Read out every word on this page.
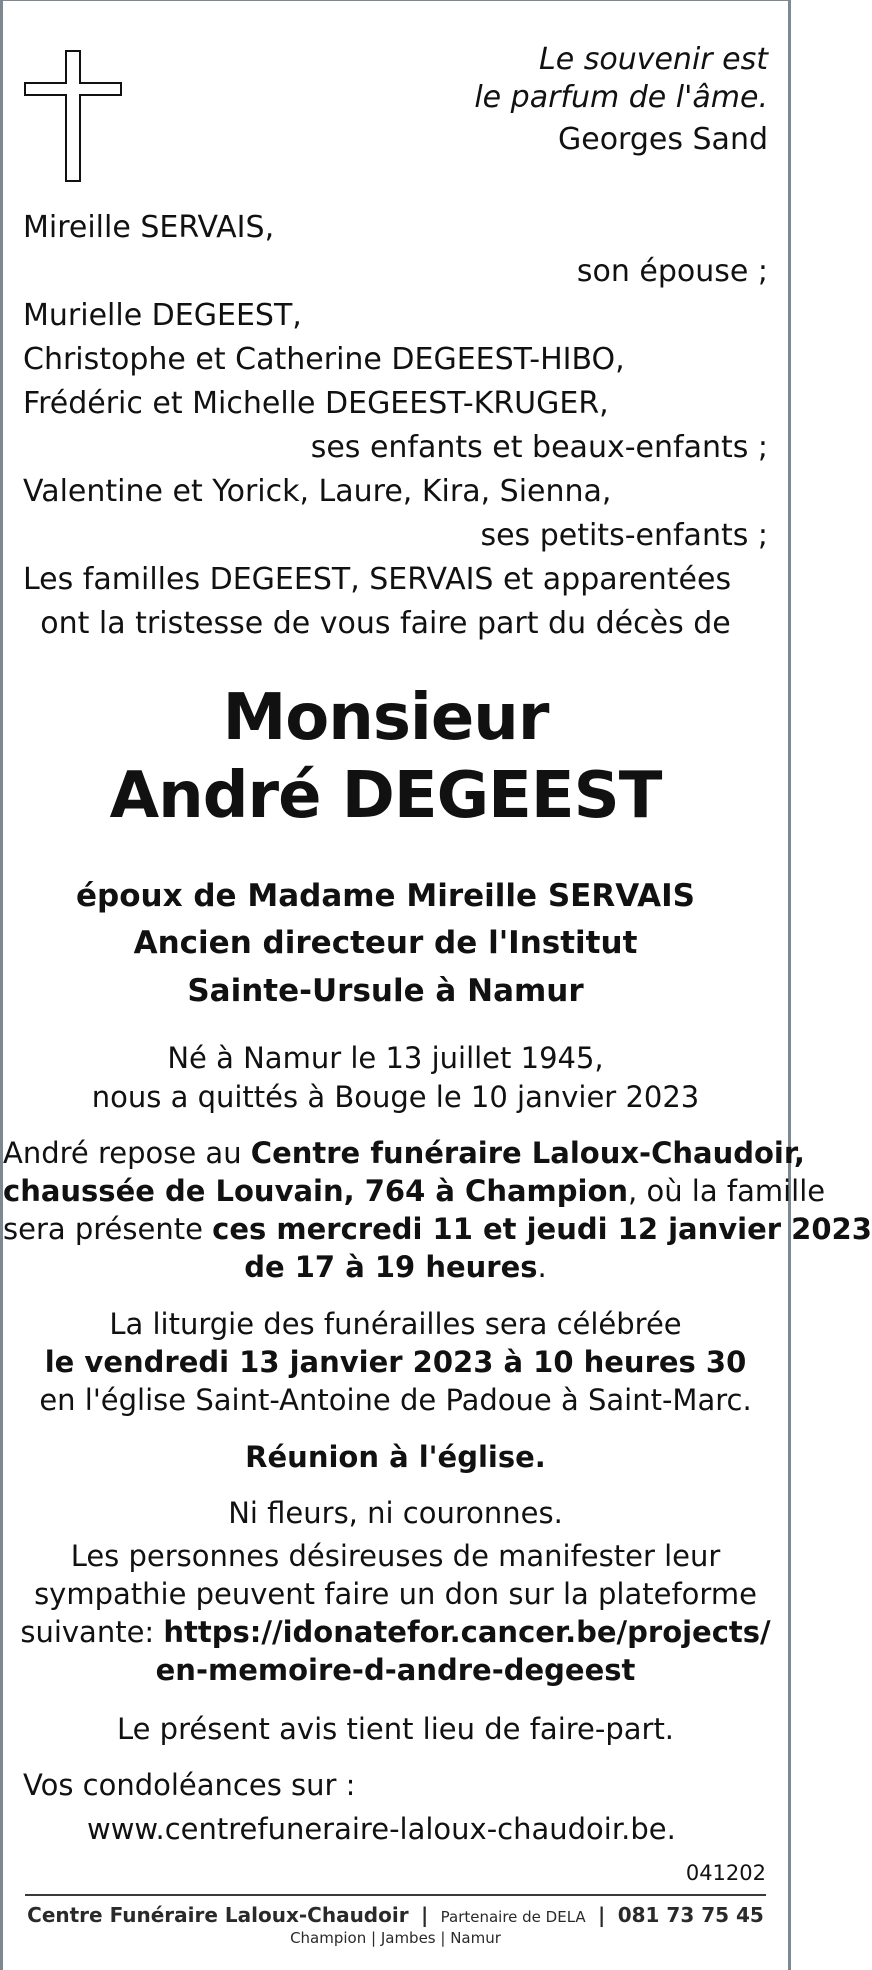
Le souvenir est
le parfum de l'âme.
Georges Sand
Mireille SERVAIS,
son épouse ;
Murielle DEGEEST,
Christophe et Catherine DEGEEST-HIBO,
Frédéric et Michelle DEGEEST-KRUGER,
ses enfants et beaux-enfants ;
Valentine et Yorick, Laure, Kira, Sienna,
ses petits-enfants ;
Les familles DEGEEST, SERVAIS et apparentées
ont la tristesse de vous faire part du décès de
Monsieur
André DEGEEST
époux de Madame Mireille SERVAIS
Ancien directeur de l'Institut
Sainte-Ursule à Namur
Né à Namur le 13 juillet 1945,
nous a quittés à Bouge le 10 janvier 2023
André repose au Centre funéraire Laloux-Chaudoir,
chaussée de Louvain, 764 à Champion, où la famille
sera présente ces mercredi 11 et jeudi 12 janvier 2023
de 17 à 19 heures.
La liturgie des funérailles sera célébrée
le vendredi 13 janvier 2023 à 10 heures 30
en l'église Saint-Antoine de Padoue à Saint-Marc.
Réunion à l'église.
Ni fleurs, ni couronnes.
Les personnes désireuses de manifester leur
sympathie peuvent faire un don sur la plateforme
suivante: https://idonatefor.cancer.be/projects/
en-memoire-d-andre-degeest
Le présent avis tient lieu de faire-part.
Vos condoléances sur :
www.centrefuneraire-laloux-chaudoir.be.
041202
Centre Funéraire Laloux-Chaudoir | Partenaire de DELA | 081 73 75 45
Champion | Jambes | Namur
